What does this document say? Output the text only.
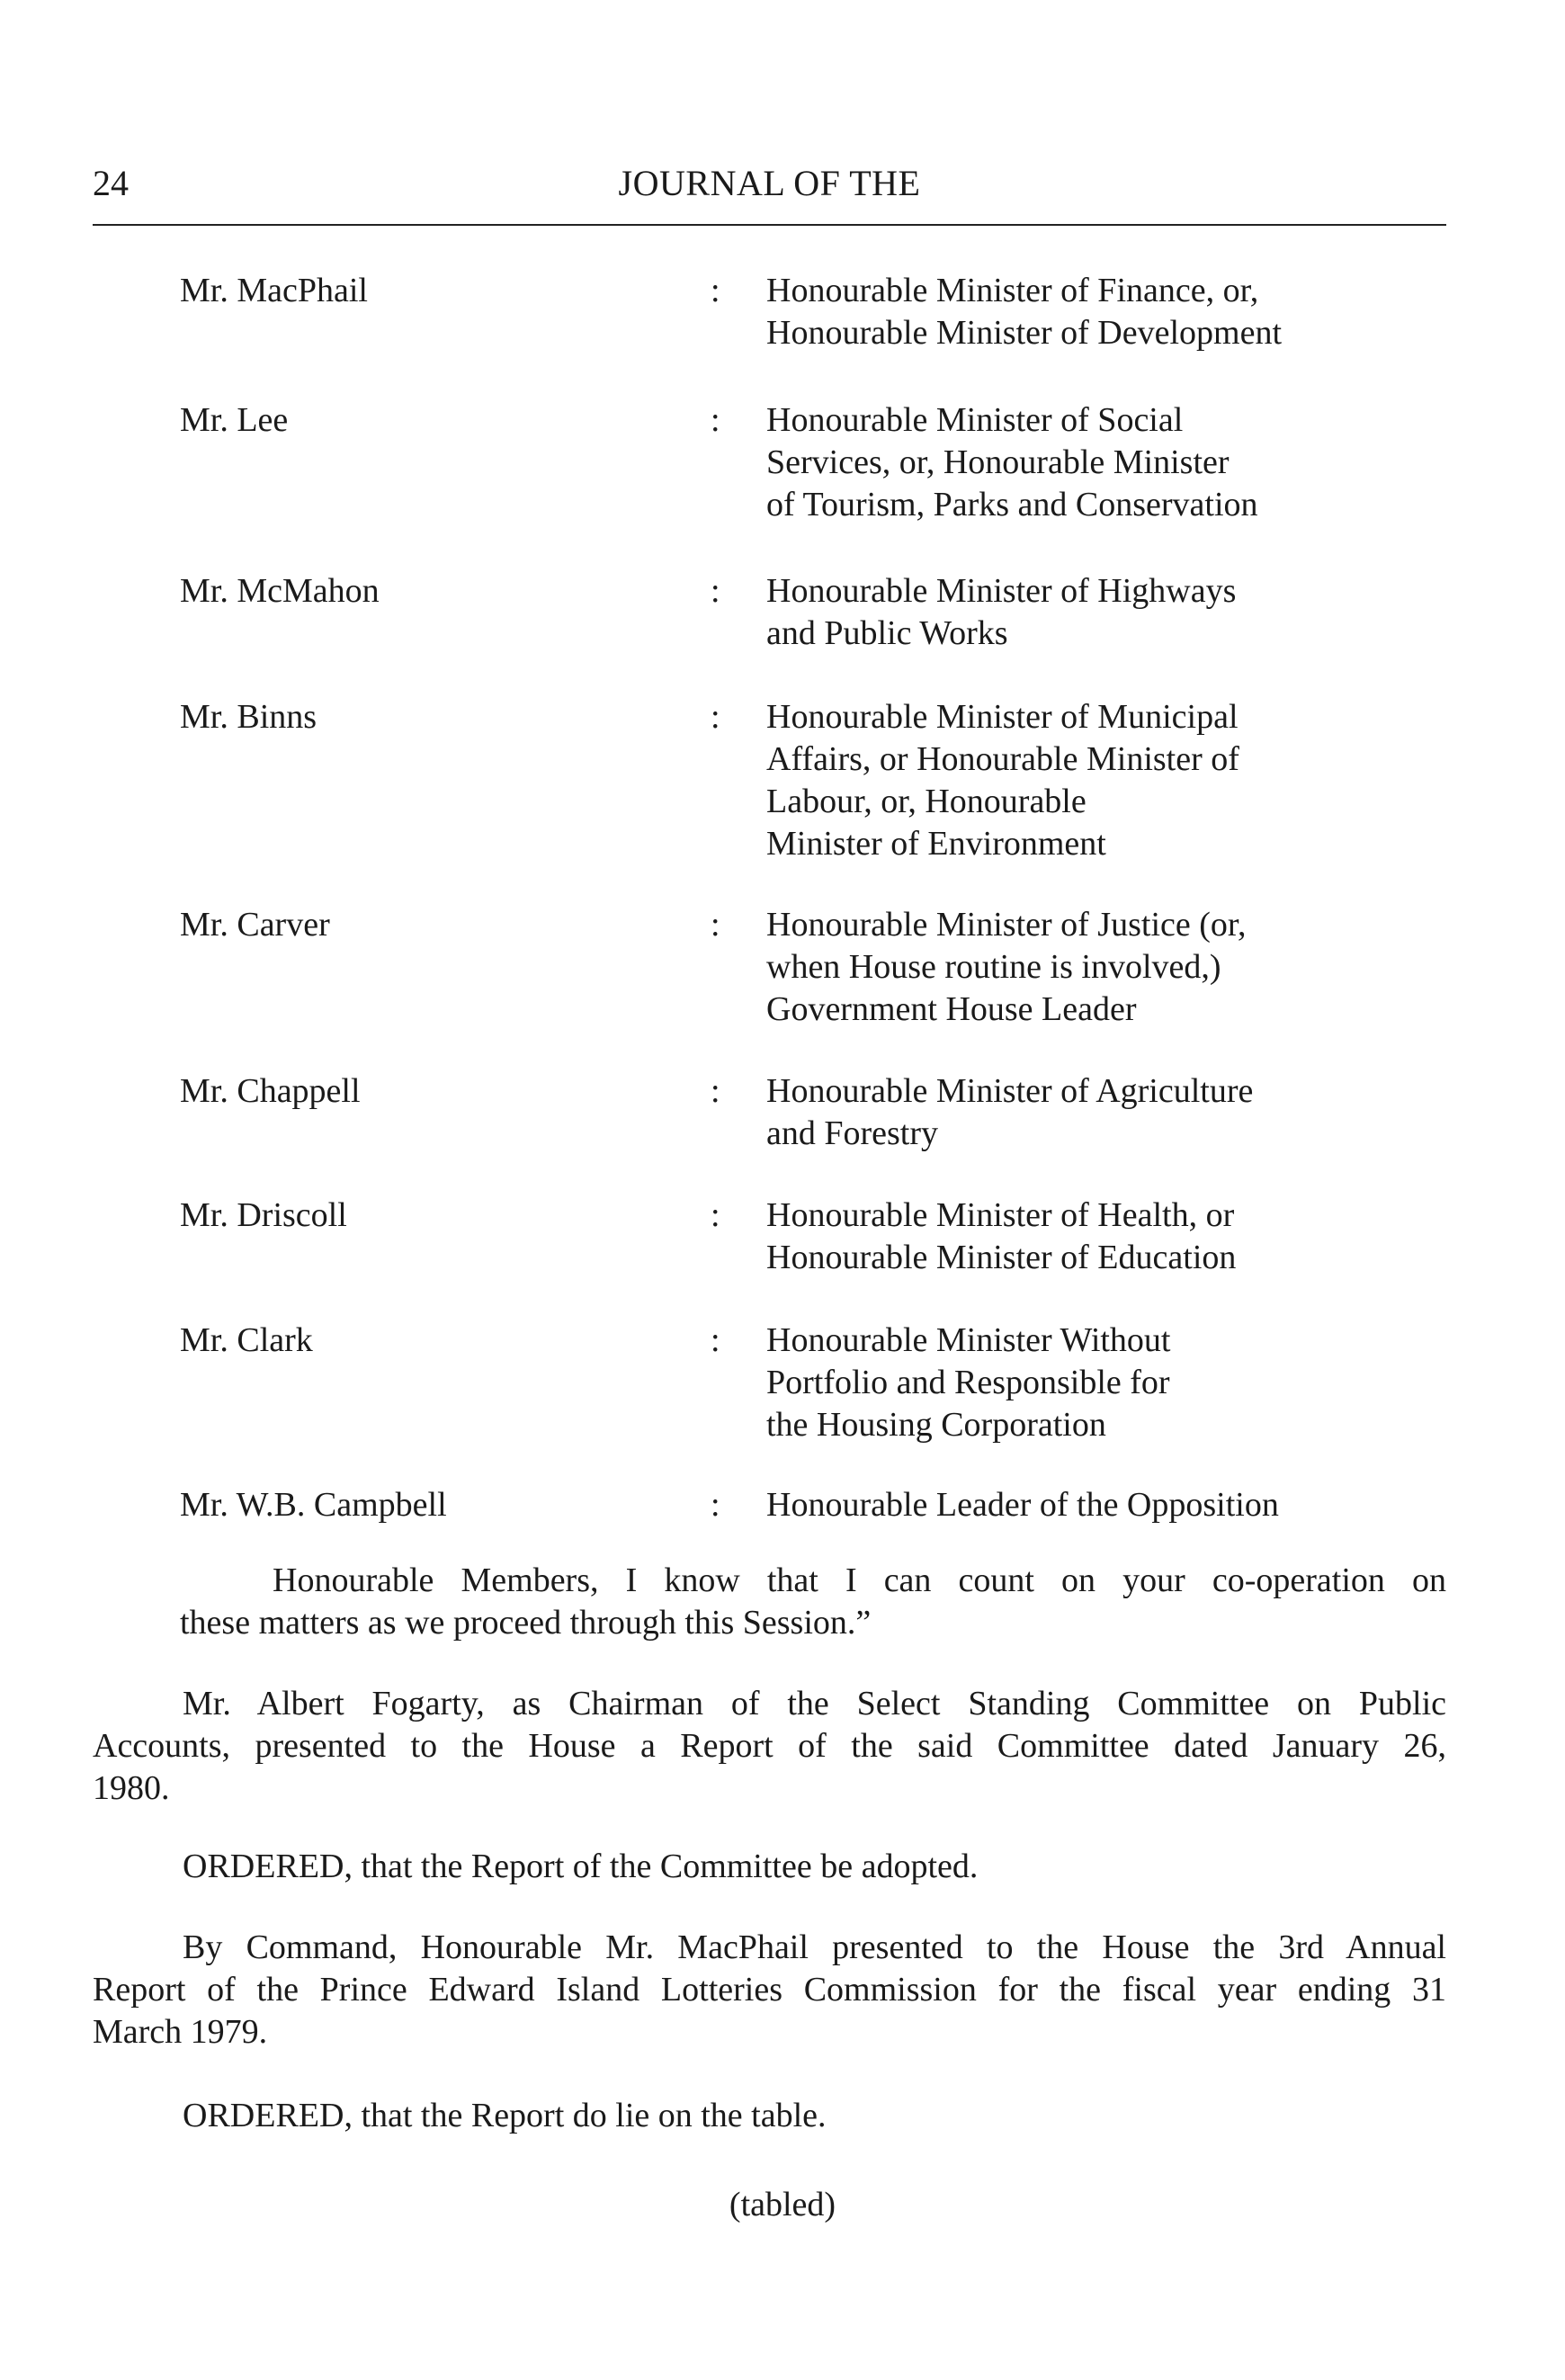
24	JOURNAL OF THE
Mr. MacPhail	: Honourable Minister of Finance, or,
Honourable Minister of Development
Mr. Lee	: Honourable Minister of Social
Services, or, Honourable Minister
of Tourism, Parks and Conservation
Mr. McMahon	: Honourable Minister of Highways
and Public Works
Mr. Binns	: Honourable Minister of Municipal
Affairs, or Honourable Minister of
Labour, or, Honourable
Minister of Environment
Mr. Carver	: Honourable Minister of Justice (or,
when House routine is involved,)
Government House Leader
Mr. Chappell	: Honourable Minister of Agriculture
and Forestry
Mr. Driscoll	: Honourable Minister of Health, or
Honourable Minister of Education
Mr. Clark	: Honourable Minister Without
Portfolio and Responsible for
the Housing Corporation
Mr. W.B. Campbell	: Honourable Leader of the Opposition
Honourable Members, I know that I can count on your co-operation on
these matters as we proceed through this Session.”
Mr. Albert Fogarty, as Chairman of the Select Standing Committee on Public
Accounts, presented to the House a Report of the said Committee dated January 26,
1980.
ORDERED, that the Report of the Committee be adopted.
By Command, Honourable Mr. MacPhail presented to the House the 3rd Annual
Report of the Prince Edward Island Lotteries Commission for the fiscal year ending 31
March 1979.
ORDERED, that the Report do lie on the table.
(tabled)
